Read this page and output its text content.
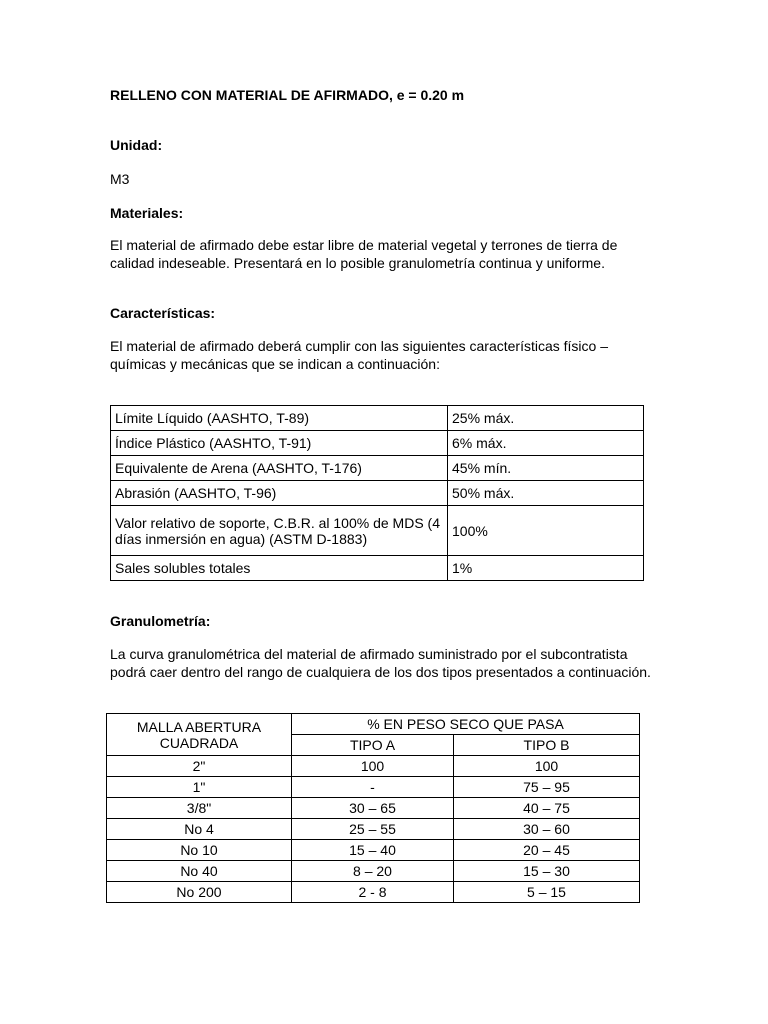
RELLENO CON MATERIAL DE AFIRMADO, e = 0.20 m

Unidad:

M3

Materiales:

El material de afirmado debe estar libre de material vegetal y terrones de tierra de calidad indeseable. Presentará en lo posible granulometría continua y uniforme.

Características:

El material de afirmado deberá cumplir con las siguientes características físico – químicas y mecánicas que se indican a continuación:

Límite Líquido (AASHTO, T-89)	25% máx.
Índice Plástico (AASHTO, T-91)	6% máx.
Equivalente de Arena (AASHTO, T-176)	45% mín.
Abrasión (AASHTO, T-96)	50% máx.
Valor relativo de soporte, C.B.R. al 100% de MDS (4 días inmersión en agua) (ASTM D-1883)	100%
Sales solubles totales	1%

Granulometría:

La curva granulométrica del material de afirmado suministrado por el subcontratista podrá caer dentro del rango de cualquiera de los dos tipos presentados a continuación.

MALLA ABERTURA CUADRADA	% EN PESO SECO QUE PASA	
	TIPO A	TIPO B
2"	100	100
1"	-	75 – 95
3/8"	30 – 65	40 – 75
No 4	25 – 55	30 – 60
No 10	15 – 40	20 – 45
No 40	8 – 20	15 – 30
No 200	2 - 8	5 – 15
